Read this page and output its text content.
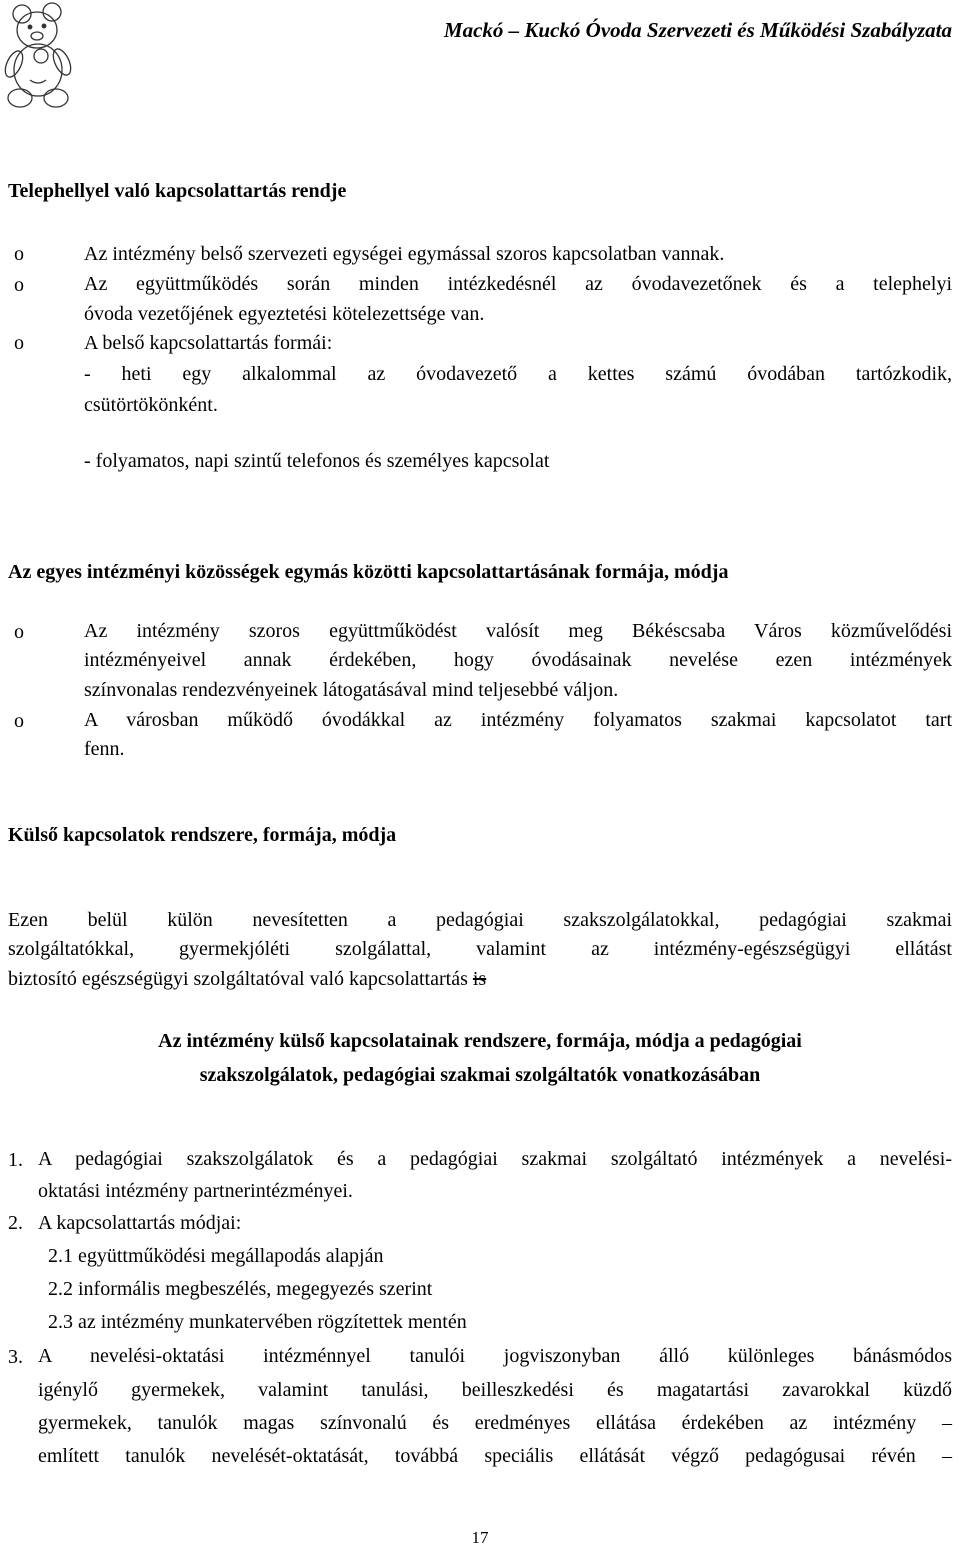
Mackó – Kuckó Óvoda Szervezeti és Működési Szabályzata
Telephellyel való kapcsolattartás rendje
o	Az intézmény belső szervezeti egységei egymással szoros kapcsolatban vannak.
o	Az együttműködés során minden intézkedésnél az óvodavezetőnek és a telephelyi
óvoda vezetőjének egyeztetési kötelezettsége van.
o	A belső kapcsolattartás formái:
- heti egy alkalommal az óvodavezető a kettes számú óvodában tartózkodik,
csütörtökönként.
- folyamatos, napi szintű telefonos és személyes kapcsolat
Az egyes intézményi közösségek egymás közötti kapcsolattartásának formája, módja
o	Az intézmény szoros együttműködést valósít meg Békéscsaba Város közművelődési
intézményeivel annak érdekében, hogy óvodásainak nevelése ezen intézmények
színvonalas rendezvényeinek látogatásával mind teljesebbé váljon.
o	A városban működő óvodákkal az intézmény folyamatos szakmai kapcsolatot tart
fenn.
Külső kapcsolatok rendszere, formája, módja
Ezen belül külön nevesítetten a pedagógiai szakszolgálatokkal, pedagógiai szakmai
szolgáltatókkal, gyermekjóléti szolgálattal, valamint az intézmény-egészségügyi ellátást
biztosító egészségügyi szolgáltatóval való kapcsolattartás is
Az intézmény külső kapcsolatainak rendszere, formája, módja a pedagógiai
szakszolgálatok, pedagógiai szakmai szolgáltatók vonatkozásában
1. A pedagógiai szakszolgálatok és a pedagógiai szakmai szolgáltató intézmények a nevelési-
oktatási intézmény partnerintézményei.
2. A kapcsolattartás módjai:
2.1 együttműködési megállapodás alapján
2.2 informális megbeszélés, megegyezés szerint
2.3 az intézmény munkatervében rögzítettek mentén
3. A nevelési-oktatási intézménnyel tanulói jogviszonyban álló különleges bánásmódos
igénylő gyermekek, valamint tanulási, beilleszkedési és magatartási zavarokkal küzdő
gyermekek, tanulók magas színvonalú és eredményes ellátása érdekében az intézmény –
említett tanulók nevelését-oktatását, továbbá speciális ellátását végző pedagógusai révén –
17
